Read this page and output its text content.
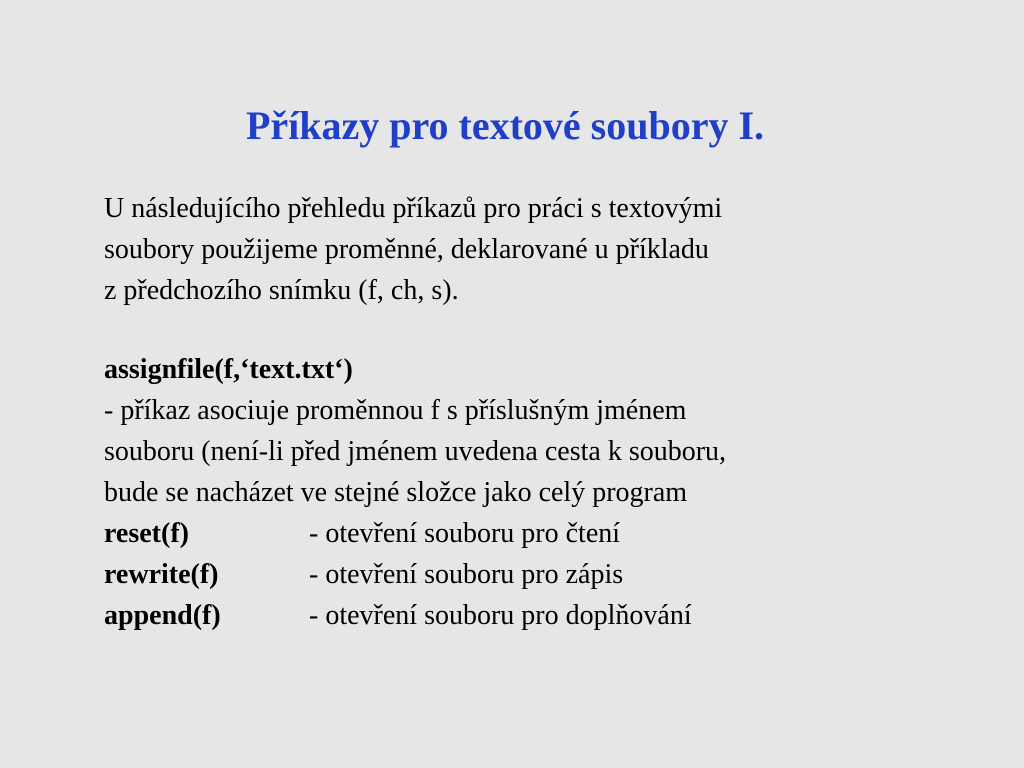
Příkazy pro textové soubory I.
U následujícího přehledu příkazů pro práci s textovými
soubory použijeme proměnné, deklarované u příkladu
z předchozího snímku (f, ch, s).
assignfile(f,‘text.txt‘)
- příkaz asociuje proměnnou f s příslušným jménem
souboru (není-li před jménem uvedena cesta k souboru,
bude se nacházet ve stejné složce jako celý program
reset(f)	- otevření souboru pro čtení
rewrite(f)	- otevření souboru pro zápis
append(f)	- otevření souboru pro doplňování
